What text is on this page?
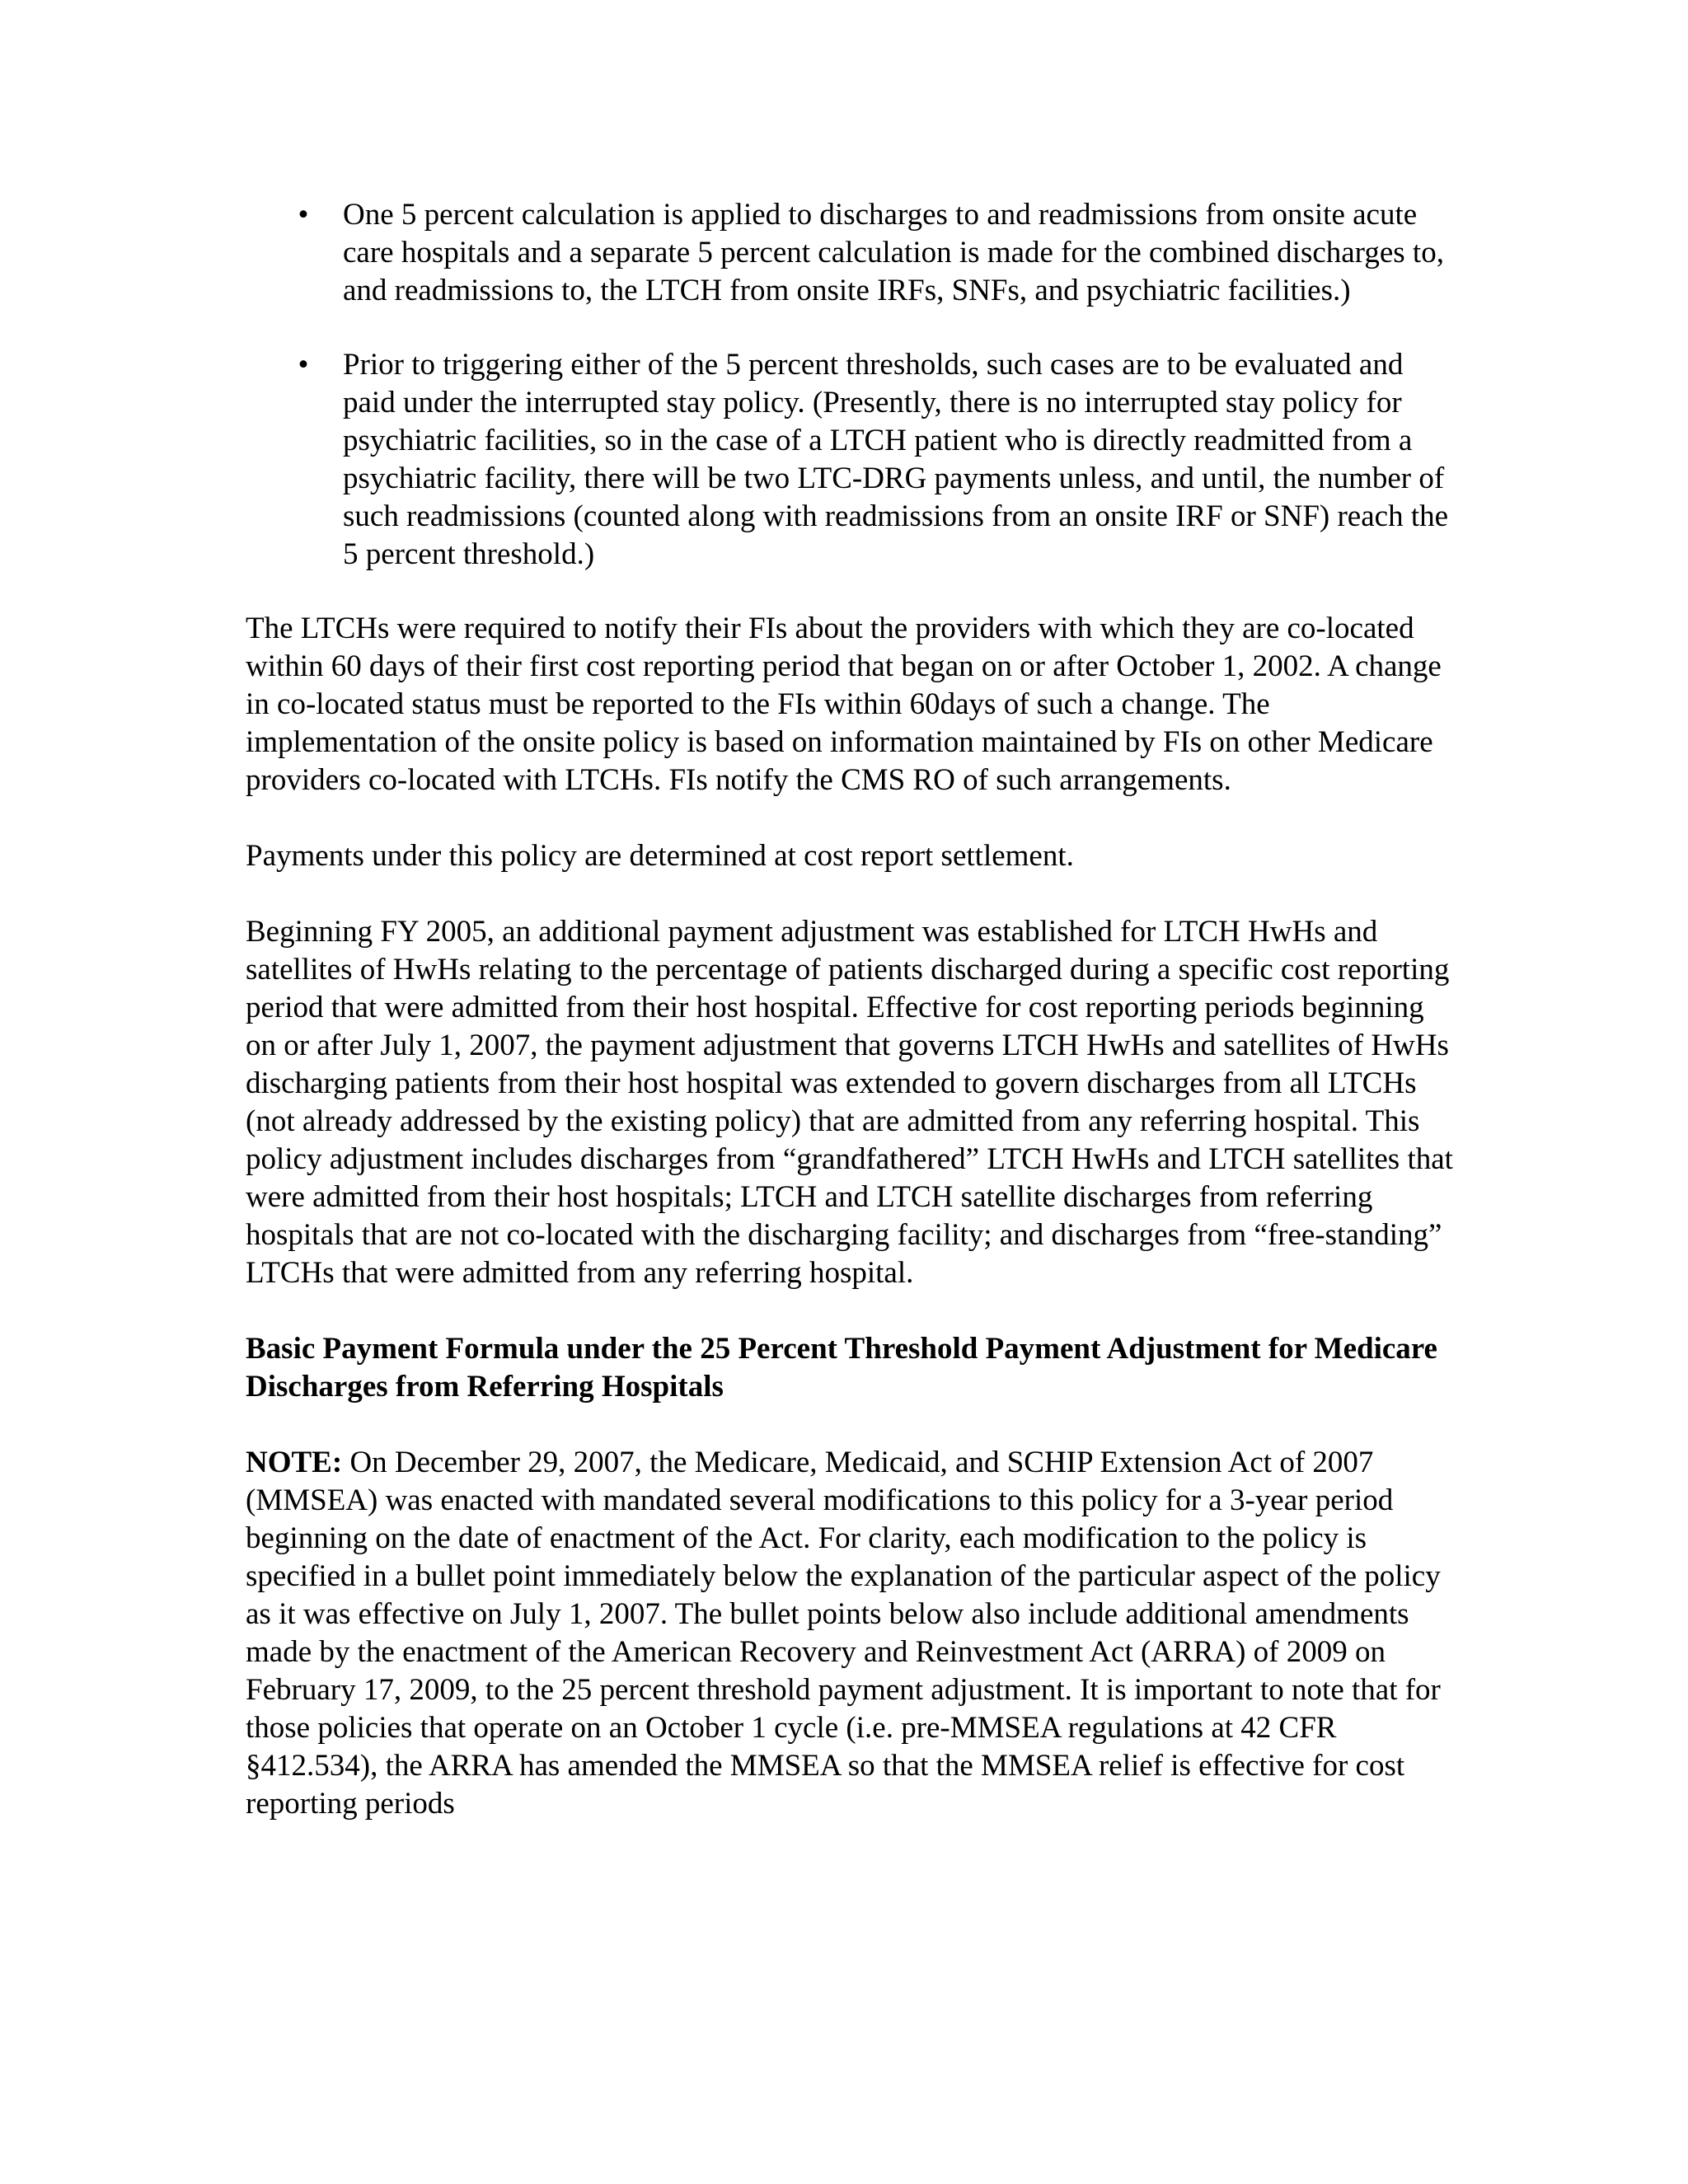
• One 5 percent calculation is applied to discharges to and readmissions from onsite acute care hospitals and a separate 5 percent calculation is made for the combined discharges to, and readmissions to, the LTCH from onsite IRFs, SNFs, and psychiatric facilities.)
• Prior to triggering either of the 5 percent thresholds, such cases are to be evaluated and paid under the interrupted stay policy. (Presently, there is no interrupted stay policy for psychiatric facilities, so in the case of a LTCH patient who is directly readmitted from a psychiatric facility, there will be two LTC-DRG payments unless, and until, the number of such readmissions (counted along with readmissions from an onsite IRF or SNF) reach the 5 percent threshold.)

The LTCHs were required to notify their FIs about the providers with which they are co-located within 60 days of their first cost reporting period that began on or after October 1, 2002. A change in co-located status must be reported to the FIs within 60days of such a change. The implementation of the onsite policy is based on information maintained by FIs on other Medicare providers co-located with LTCHs. FIs notify the CMS RO of such arrangements.

Payments under this policy are determined at cost report settlement.

Beginning FY 2005, an additional payment adjustment was established for LTCH HwHs and satellites of HwHs relating to the percentage of patients discharged during a specific cost reporting period that were admitted from their host hospital. Effective for cost reporting periods beginning on or after July 1, 2007, the payment adjustment that governs LTCH HwHs and satellites of HwHs discharging patients from their host hospital was extended to govern discharges from all LTCHs (not already addressed by the existing policy) that are admitted from any referring hospital. This policy adjustment includes discharges from “grandfathered” LTCH HwHs and LTCH satellites that were admitted from their host hospitals; LTCH and LTCH satellite discharges from referring hospitals that are not co-located with the discharging facility; and discharges from “free-standing” LTCHs that were admitted from any referring hospital.

Basic Payment Formula under the 25 Percent Threshold Payment Adjustment for Medicare Discharges from Referring Hospitals

NOTE: On December 29, 2007, the Medicare, Medicaid, and SCHIP Extension Act of 2007 (MMSEA) was enacted with mandated several modifications to this policy for a 3-year period beginning on the date of enactment of the Act. For clarity, each modification to the policy is specified in a bullet point immediately below the explanation of the particular aspect of the policy as it was effective on July 1, 2007. The bullet points below also include additional amendments made by the enactment of the American Recovery and Reinvestment Act (ARRA) of 2009 on February 17, 2009, to the 25 percent threshold payment adjustment. It is important to note that for those policies that operate on an October 1 cycle (i.e. pre-MMSEA regulations at 42 CFR §412.534), the ARRA has amended the MMSEA so that the MMSEA relief is effective for cost reporting periods
